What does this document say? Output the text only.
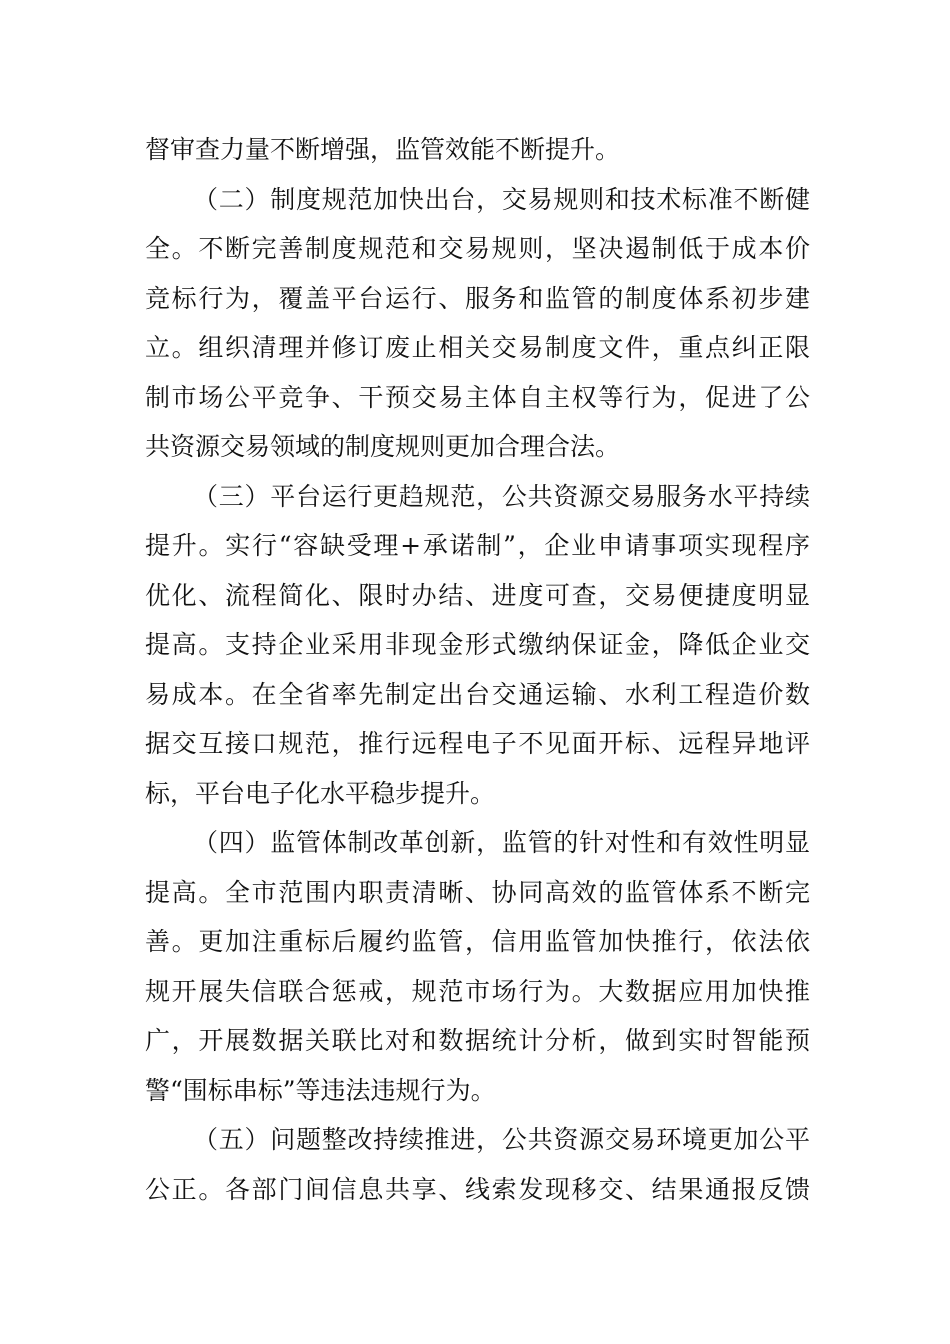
督审查力量不断增强，监管效能不断提升。
（二）制度规范加快出台，交易规则和技术标准不断健
全。不断完善制度规范和交易规则，坚决遏制低于成本价
竞标行为，覆盖平台运行、服务和监管的制度体系初步建
立。组织清理并修订废止相关交易制度文件，重点纠正限
制市场公平竞争、干预交易主体自主权等行为，促进了公
共资源交易领域的制度规则更加合理合法。
（三）平台运行更趋规范，公共资源交易服务水平持续
提升。实行“容缺受理+承诺制”，企业申请事项实现程序
优化、流程简化、限时办结、进度可查，交易便捷度明显
提高。支持企业采用非现金形式缴纳保证金，降低企业交
易成本。在全省率先制定出台交通运输、水利工程造价数
据交互接口规范，推行远程电子不见面开标、远程异地评
标，平台电子化水平稳步提升。
（四）监管体制改革创新，监管的针对性和有效性明显
提高。全市范围内职责清晰、协同高效的监管体系不断完
善。更加注重标后履约监管，信用监管加快推行，依法依
规开展失信联合惩戒，规范市场行为。大数据应用加快推
广，开展数据关联比对和数据统计分析，做到实时智能预
警“围标串标”等违法违规行为。
（五）问题整改持续推进，公共资源交易环境更加公平
公正。各部门间信息共享、线索发现移交、结果通报反馈
